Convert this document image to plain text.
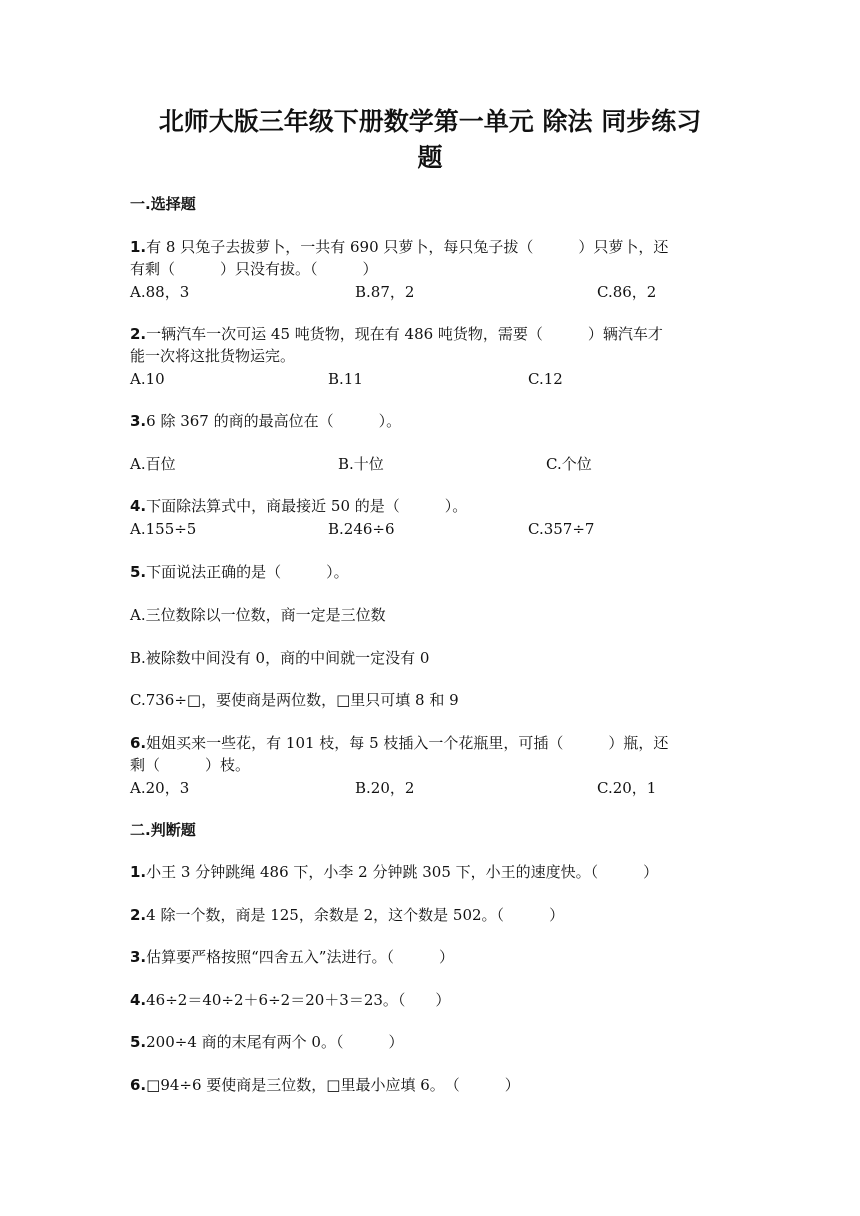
北师大版三年级下册数学第一单元 除法 同步练习
题
一.选择题
1.有 8 只兔子去拔萝卜，一共有 690 只萝卜，每只兔子拔（　　　）只萝卜，还
有剩（　　　）只没有拔。（　　　）
A.88，3	B.87，2	C.86，2
2.一辆汽车一次可运 45 吨货物，现在有 486 吨货物，需要（　　　）辆汽车才
能一次将这批货物运完。
A.10	B.11	C.12
3.6 除 367 的商的最高位在（　　　）。
A.百位	B.十位	C.个位
4.下面除法算式中，商最接近 50 的是（　　　）。
A.155÷5	B.246÷6	C.357÷7
5.下面说法正确的是（　　　）。
A.三位数除以一位数，商一定是三位数
B.被除数中间没有 0，商的中间就一定没有 0
C.736÷□，要使商是两位数，□里只可填 8 和 9
6.姐姐买来一些花，有 101 枝，每 5 枝插入一个花瓶里，可插（　　　）瓶，还
剩（　　　）枝。
A.20，3	B.20，2	C.20，1
二.判断题
1.小王 3 分钟跳绳 486 下，小李 2 分钟跳 305 下，小王的速度快。（　　　）
2.4 除一个数，商是 125，余数是 2，这个数是 502。（　　　）
3.估算要严格按照“四舍五入”法进行。（　　　）
4.46÷2＝40÷2＋6÷2＝20＋3＝23。（　　）
5.200÷4 商的末尾有两个 0。（　　　）
6.□94÷6 要使商是三位数，□里最小应填 6。　（　　　）
